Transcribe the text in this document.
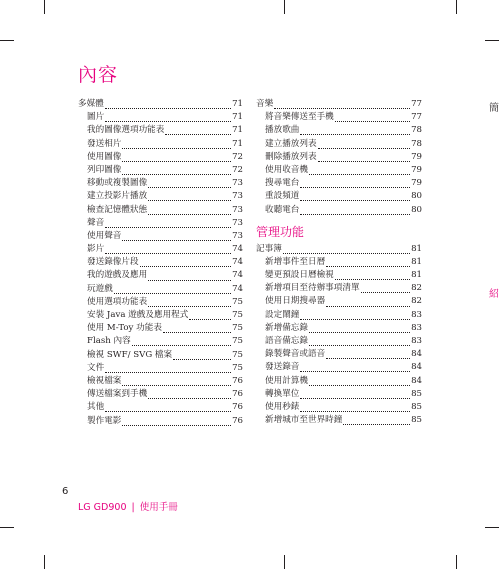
內容
多媒體	71
圖片	71
我的圖像選項功能表	71
發送相片	71
使用圖像	72
列印圖像	72
移動或複製圖像	73
建立投影片播放	73
檢查記憶體狀態	73
聲音	73
使用聲音	73
影片	74
發送錄像片段	74
我的遊戲及應用	74
玩遊戲	74
使用選項功能表	75
安裝 Java 遊戲及應用程式	75
使用 M-Toy 功能表	75
Flash 內容	75
檢視 SWF/ SVG 檔案	75
文件	75
檢視檔案	76
傳送檔案到手機	76
其他	76
製作電影	76
音樂	77
將音樂傳送至手機	77
播放歌曲	78
建立播放列表	78
刪除播放列表	79
使用收音機	79
搜尋電台	79
重設頻道	80
收聽電台	80
管理功能
記事簿	81
新增事件至日曆	81
變更預設日曆檢視	81
新增項目至待辦事項清單	82
使用日期搜尋器	82
設定鬧鐘	83
新增備忘錄	83
語音備忘錄	83
錄製聲音或語音	84
發送錄音	84
使用計算機	84
轉換單位	85
使用秒錶	85
新增城市至世界時鐘	85
6
LG GD900 | 使用手冊
簡
紹
